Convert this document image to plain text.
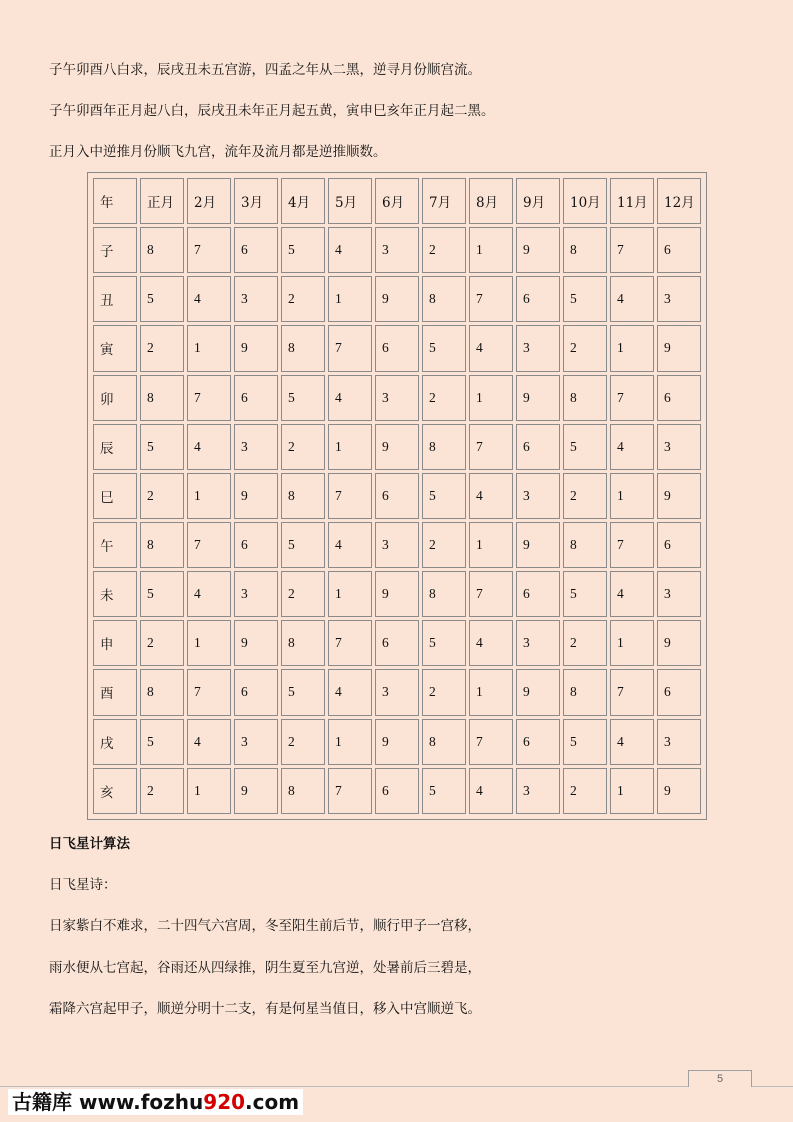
子午卯酉八白求，辰戌丑未五宫游，四孟之年从二黑，逆寻月份顺宫流。
子午卯酉年正月起八白，辰戌丑未年正月起五黄，寅申巳亥年正月起二黑。
正月入中逆推月份顺飞九宫，流年及流月都是逆推顺数。
年	正月	2月	3月	4月	5月	6月	7月	8月	9月	10月	11月	12月
子	8	7	6	5	4	3	2	1	9	8	7	6
丑	5	4	3	2	1	9	8	7	6	5	4	3
寅	2	1	9	8	7	6	5	4	3	2	1	9
卯	8	7	6	5	4	3	2	1	9	8	7	6
辰	5	4	3	2	1	9	8	7	6	5	4	3
巳	2	1	9	8	7	6	5	4	3	2	1	9
午	8	7	6	5	4	3	2	1	9	8	7	6
未	5	4	3	2	1	9	8	7	6	5	4	3
申	2	1	9	8	7	6	5	4	3	2	1	9
酉	8	7	6	5	4	3	2	1	9	8	7	6
戌	5	4	3	2	1	9	8	7	6	5	4	3
亥	2	1	9	8	7	6	5	4	3	2	1	9
日飞星计算法
日飞星诗：
日家紫白不难求，二十四气六宫周，冬至阳生前后节，顺行甲子一宫移，
雨水便从七宫起，谷雨还从四绿推，阴生夏至九宫逆，处暑前后三碧是，
霜降六宫起甲子，顺逆分明十二支，有是何星当值日，移入中宫顺逆飞。
5
古籍库 www.fozhu920.com
